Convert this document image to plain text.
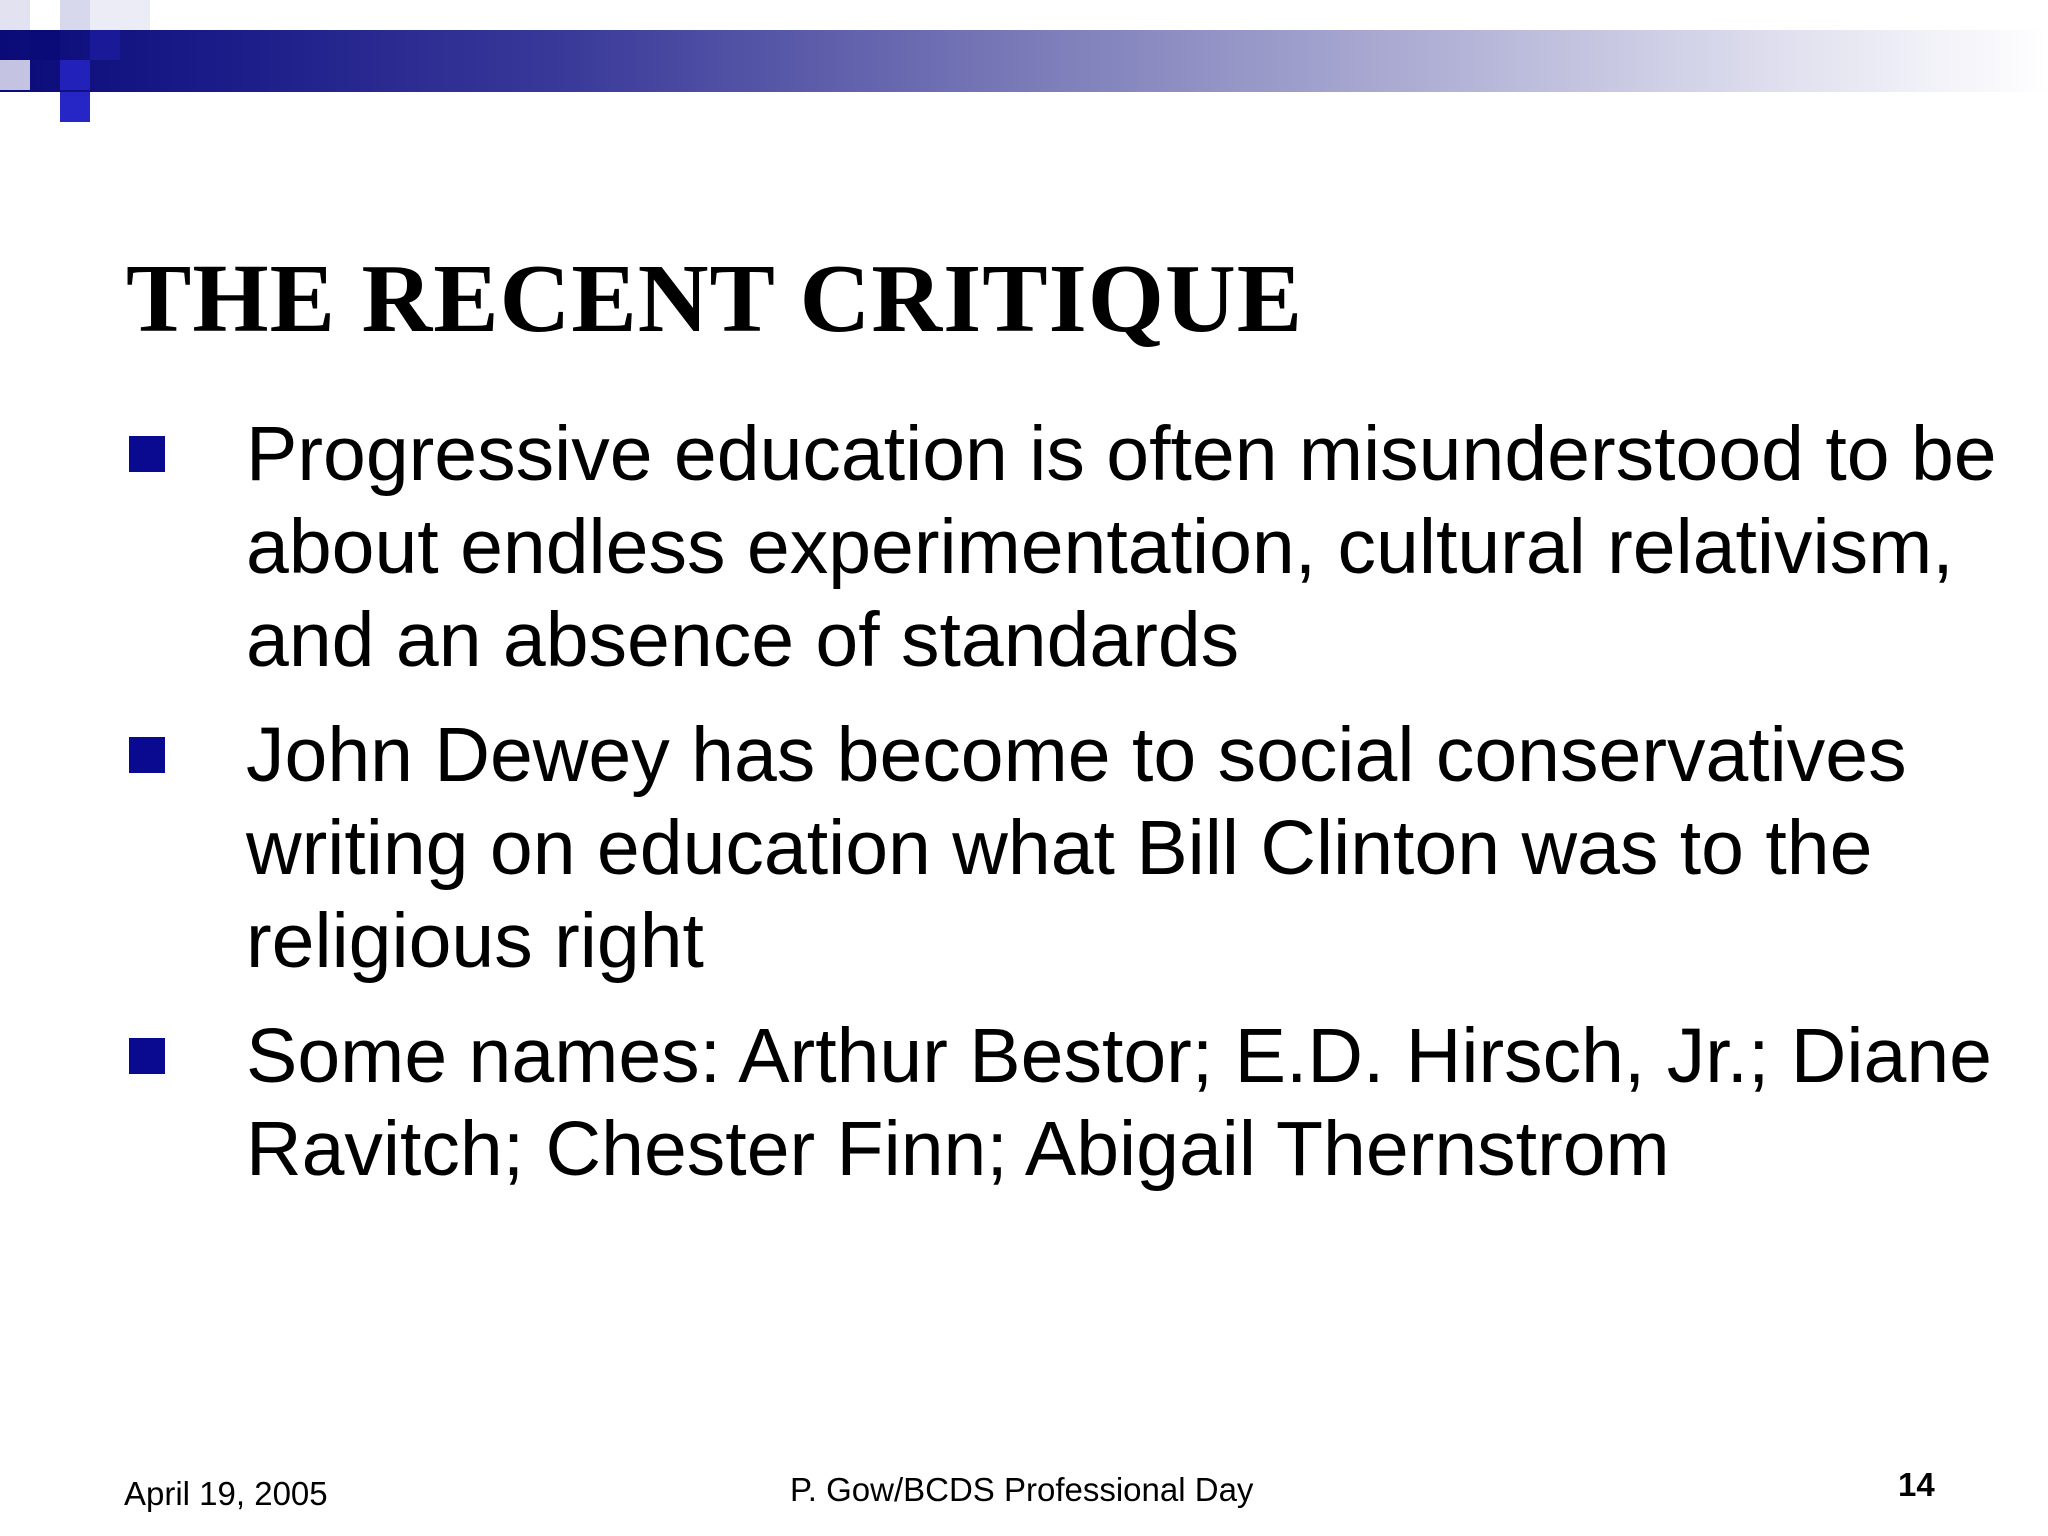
THE RECENT CRITIQUE
Progressive education is often misunderstood to be about endless experimentation, cultural relativism, and an absence of standards
John Dewey has become to social conservatives writing on education what Bill Clinton was to the religious right
Some names: Arthur Bestor; E.D. Hirsch, Jr.; Diane Ravitch; Chester Finn; Abigail Thernstrom
April 19, 2005	P. Gow/BCDS Professional Day	14
